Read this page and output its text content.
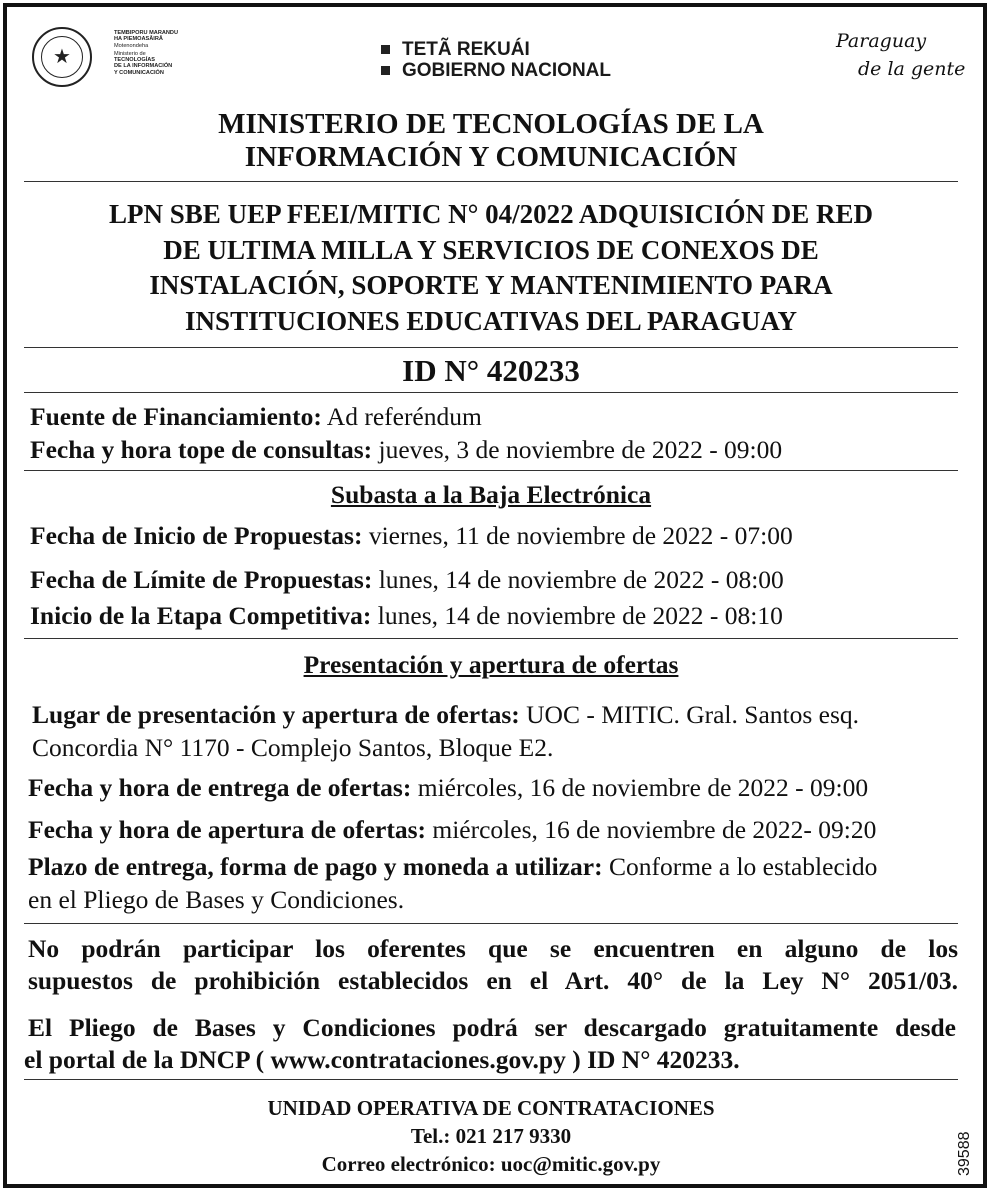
★
TEMBIPORU MARANDU
HA PIEMOASÂIRÂ
Motenondeha
Ministerio de
TECNOLOGÍAS
DE LA INFORMACIÓN
Y COMUNICACIÓN
TETÃ REKUÁI
GOBIERNO NACIONAL
Paraguay
de la gente
MINISTERIO DE TECNOLOGÍAS DE LA
INFORMACIÓN Y COMUNICACIÓN
LPN SBE UEP FEEI/MITIC N° 04/2022 ADQUISICIÓN DE RED
DE ULTIMA MILLA Y SERVICIOS DE CONEXOS DE
INSTALACIÓN, SOPORTE Y MANTENIMIENTO PARA
INSTITUCIONES EDUCATIVAS DEL PARAGUAY
ID N° 420233
Fuente de Financiamiento: Ad referéndum
Fecha y hora tope de consultas: jueves, 3 de noviembre de 2022 - 09:00
Subasta a la Baja Electrónica
Fecha de Inicio de Propuestas: viernes, 11 de noviembre de 2022 - 07:00
Fecha de Límite de Propuestas: lunes, 14 de noviembre de 2022 - 08:00
Inicio de la Etapa Competitiva: lunes, 14 de noviembre de 2022 - 08:10
Presentación y apertura de ofertas
Lugar de presentación y apertura de ofertas: UOC - MITIC. Gral. Santos esq.
Concordia N° 1170 - Complejo Santos, Bloque E2.
Fecha y hora de entrega de ofertas: miércoles, 16 de noviembre de 2022 - 09:00
Fecha y hora de apertura de ofertas: miércoles, 16 de noviembre de 2022- 09:20
Plazo de entrega, forma de pago y moneda a utilizar: Conforme a lo establecido
en el Pliego de Bases y Condiciones.
No podrán participar los oferentes que se encuentren en alguno de los
supuestos de prohibición establecidos en el Art. 40° de la Ley N° 2051/03.
El Pliego de Bases y Condiciones podrá ser descargado gratuitamente desde
el portal de la DNCP ( www.contrataciones.gov.py ) ID N° 420233.
UNIDAD OPERATIVA DE CONTRATACIONES
Tel.: 021 217 9330
Correo electrónico: uoc@mitic.gov.py	39588
